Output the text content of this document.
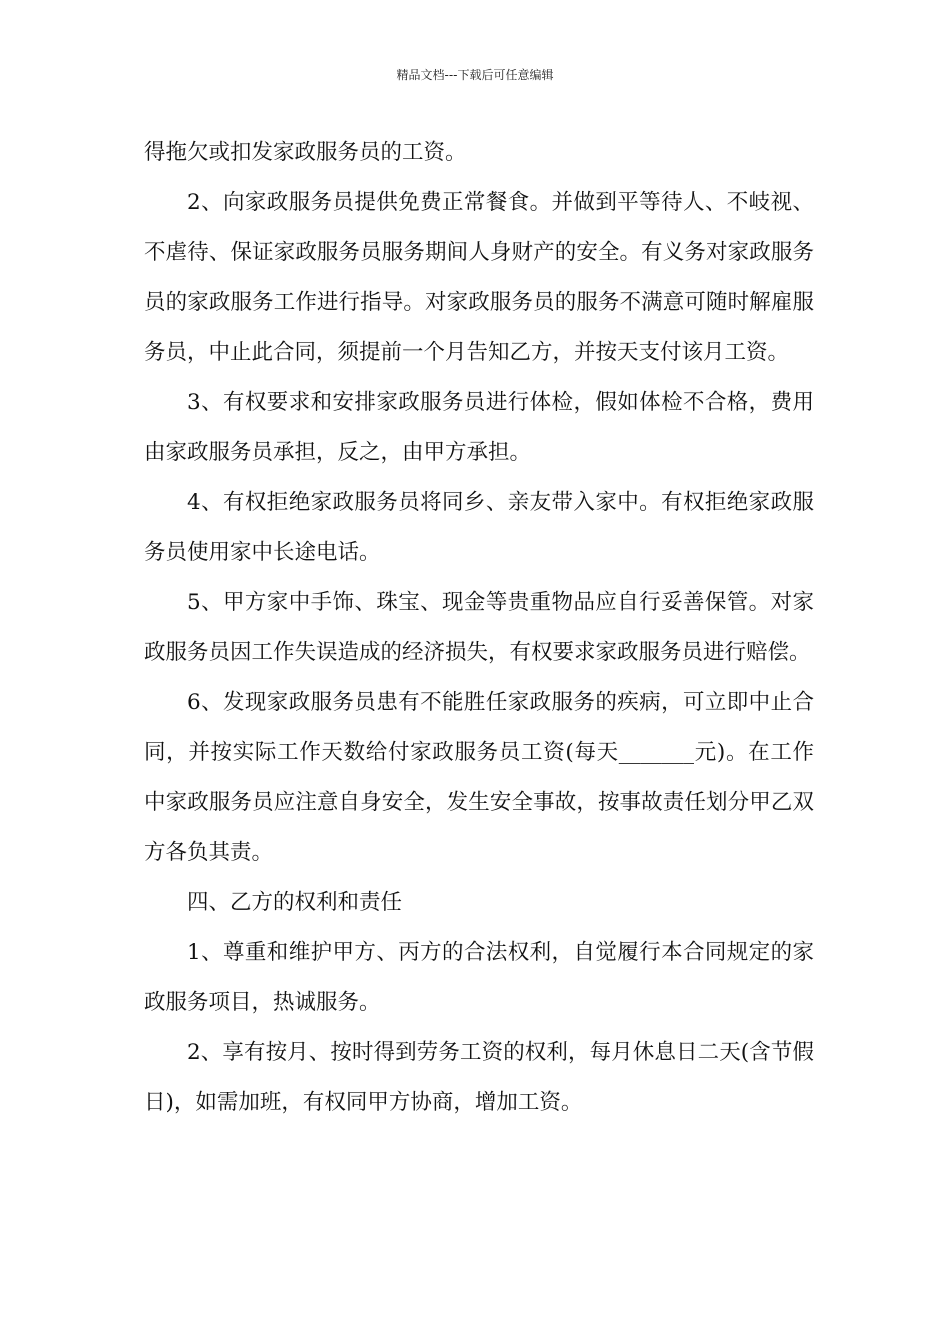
精品文档---下载后可任意编辑

得拖欠或扣发家政服务员的工资。

2、向家政服务员提供免费正常餐食。并做到平等待人、不岐视、不虐待、保证家政服务员服务期间人身财产的安全。有义务对家政服务员的家政服务工作进行指导。对家政服务员的服务不满意可随时解雇服务员，中止此合同，须提前一个月告知乙方，并按天支付该月工资。

3、有权要求和安排家政服务员进行体检，假如体检不合格，费用由家政服务员承担，反之，由甲方承担。

4、有权拒绝家政服务员将同乡、亲友带入家中。有权拒绝家政服务员使用家中长途电话。

5、甲方家中手饰、珠宝、现金等贵重物品应自行妥善保管。对家政服务员因工作失误造成的经济损失，有权要求家政服务员进行赔偿。

6、发现家政服务员患有不能胜任家政服务的疾病，可立即中止合同，并按实际工作天数给付家政服务员工资(每天_______元)。在工作中家政服务员应注意自身安全，发生安全事故，按事故责任划分甲乙双方各负其责。

四、乙方的权利和责任

1、尊重和维护甲方、丙方的合法权利，自觉履行本合同规定的家政服务项目，热诚服务。

2、享有按月、按时得到劳务工资的权利，每月休息日二天(含节假日)，如需加班，有权同甲方协商，增加工资。
